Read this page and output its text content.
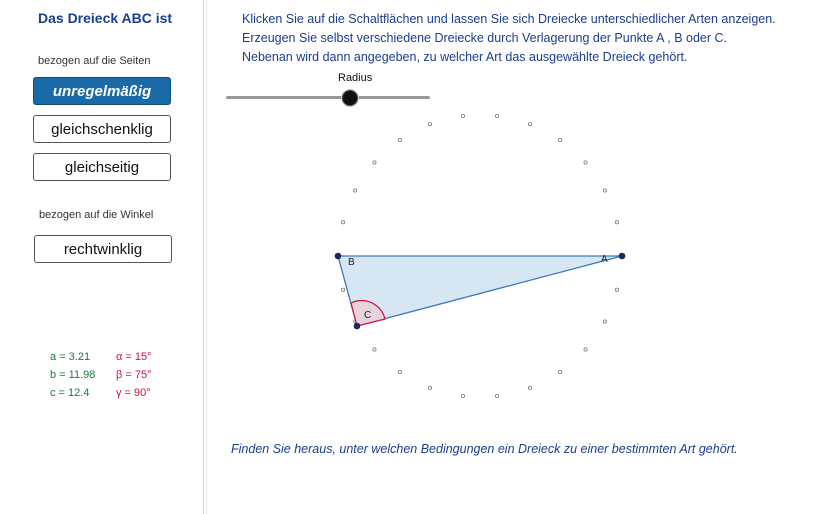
Das Dreieck ABC ist
bezogen auf die Seiten
unregelmäßig
gleichschenklig
gleichseitig
bezogen auf die Winkel
rechtwinklig
a = 3.21
b = 11.98
c = 12.4
α = 15°
β = 75°
γ = 90°
Klicken Sie auf die Schaltflächen und lassen Sie sich Dreiecke unterschiedlicher Arten anzeigen.
Erzeugen Sie selbst verschiedene Dreiecke durch Verlagerung der Punkte A , B oder C.
Nebenan wird dann angegeben, zu welcher Art das ausgewählte Dreieck gehört.
Radius
A
B
C
Finden Sie heraus, unter welchen Bedingungen ein Dreieck zu einer bestimmten Art gehört.
